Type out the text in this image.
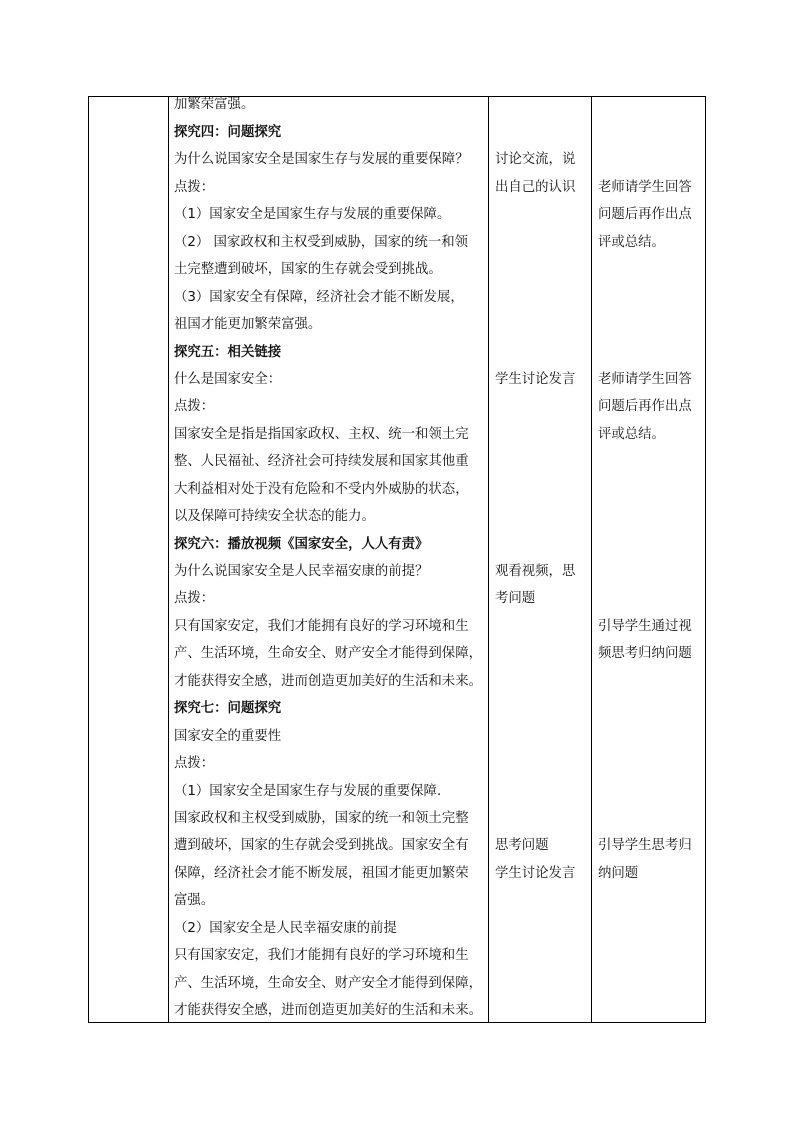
加繁荣富强。
探究四：问题探究
为什么说国家安全是国家生存与发展的重要保障？
点拨：
（1）国家安全是国家生存与发展的重要保障。
（2） 国家政权和主权受到威胁，国家的统一和领
土完整遭到破坏，国家的生存就会受到挑战。
（3）国家安全有保障，经济社会才能不断发展，
祖国才能更加繁荣富强。
探究五：相关链接
什么是国家安全：
点拨：
国家安全是指是指国家政权、主权、统一和领土完
整、人民福祉、经济社会可持续发展和国家其他重
大利益相对处于没有危险和不受内外威胁的状态，
以及保障可持续安全状态的能力。
探究六：播放视频《国家安全，人人有责》
为什么说国家安全是人民幸福安康的前提？
点拨：
只有国家安定，我们才能拥有良好的学习环境和生
产、生活环境，生命安全、财产安全才能得到保障，
才能获得安全感，进而创造更加美好的生活和未来。
探究七：问题探究
国家安全的重要性
点拨：
（1）国家安全是国家生存与发展的重要保障.
国家政权和主权受到威胁，国家的统一和领土完整
遭到破坏，国家的生存就会受到挑战。国家安全有
保障，经济社会才能不断发展，祖国才能更加繁荣
富强。
（2）国家安全是人民幸福安康的前提
只有国家安定，我们才能拥有良好的学习环境和生
产、生活环境，生命安全、财产安全才能得到保障，
才能获得安全感，进而创造更加美好的生活和未来。
讨论交流，说
出自己的认识
学生讨论发言
观看视频，思
考问题
思考问题
学生讨论发言
老师请学生回答
问题后再作出点
评或总结。
老师请学生回答
问题后再作出点
评或总结。
引导学生通过视
频思考归纳问题
引导学生思考归
纳问题
